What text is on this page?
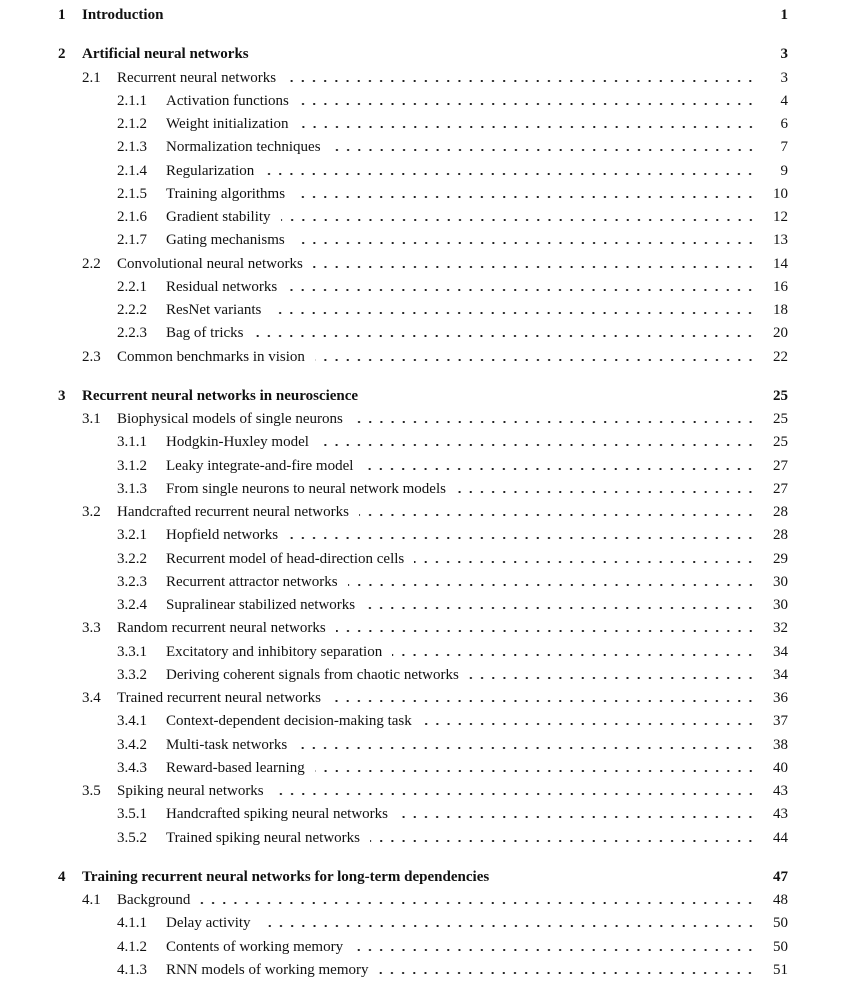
1 Introduction	1
2 Artificial neural networks	3
2.1 Recurrent neural networks	3
2.1.1 Activation functions	4
2.1.2 Weight initialization	6
2.1.3 Normalization techniques	7
2.1.4 Regularization	9
2.1.5 Training algorithms	10
2.1.6 Gradient stability	12
2.1.7 Gating mechanisms	13
2.2 Convolutional neural networks	14
2.2.1 Residual networks	16
2.2.2 ResNet variants	18
2.2.3 Bag of tricks	20
2.3 Common benchmarks in vision	22
3 Recurrent neural networks in neuroscience	25
3.1 Biophysical models of single neurons	25
3.1.1 Hodgkin-Huxley model	25
3.1.2 Leaky integrate-and-fire model	27
3.1.3 From single neurons to neural network models	27
3.2 Handcrafted recurrent neural networks	28
3.2.1 Hopfield networks	28
3.2.2 Recurrent model of head-direction cells	29
3.2.3 Recurrent attractor networks	30
3.2.4 Supralinear stabilized networks	30
3.3 Random recurrent neural networks	32
3.3.1 Excitatory and inhibitory separation	34
3.3.2 Deriving coherent signals from chaotic networks	34
3.4 Trained recurrent neural networks	36
3.4.1 Context-dependent decision-making task	37
3.4.2 Multi-task networks	38
3.4.3 Reward-based learning	40
3.5 Spiking neural networks	43
3.5.1 Handcrafted spiking neural networks	43
3.5.2 Trained spiking neural networks	44
4 Training recurrent neural networks for long-term dependencies	47
4.1 Background	48
4.1.1 Delay activity	50
4.1.2 Contents of working memory	50
4.1.3 RNN models of working memory	51
